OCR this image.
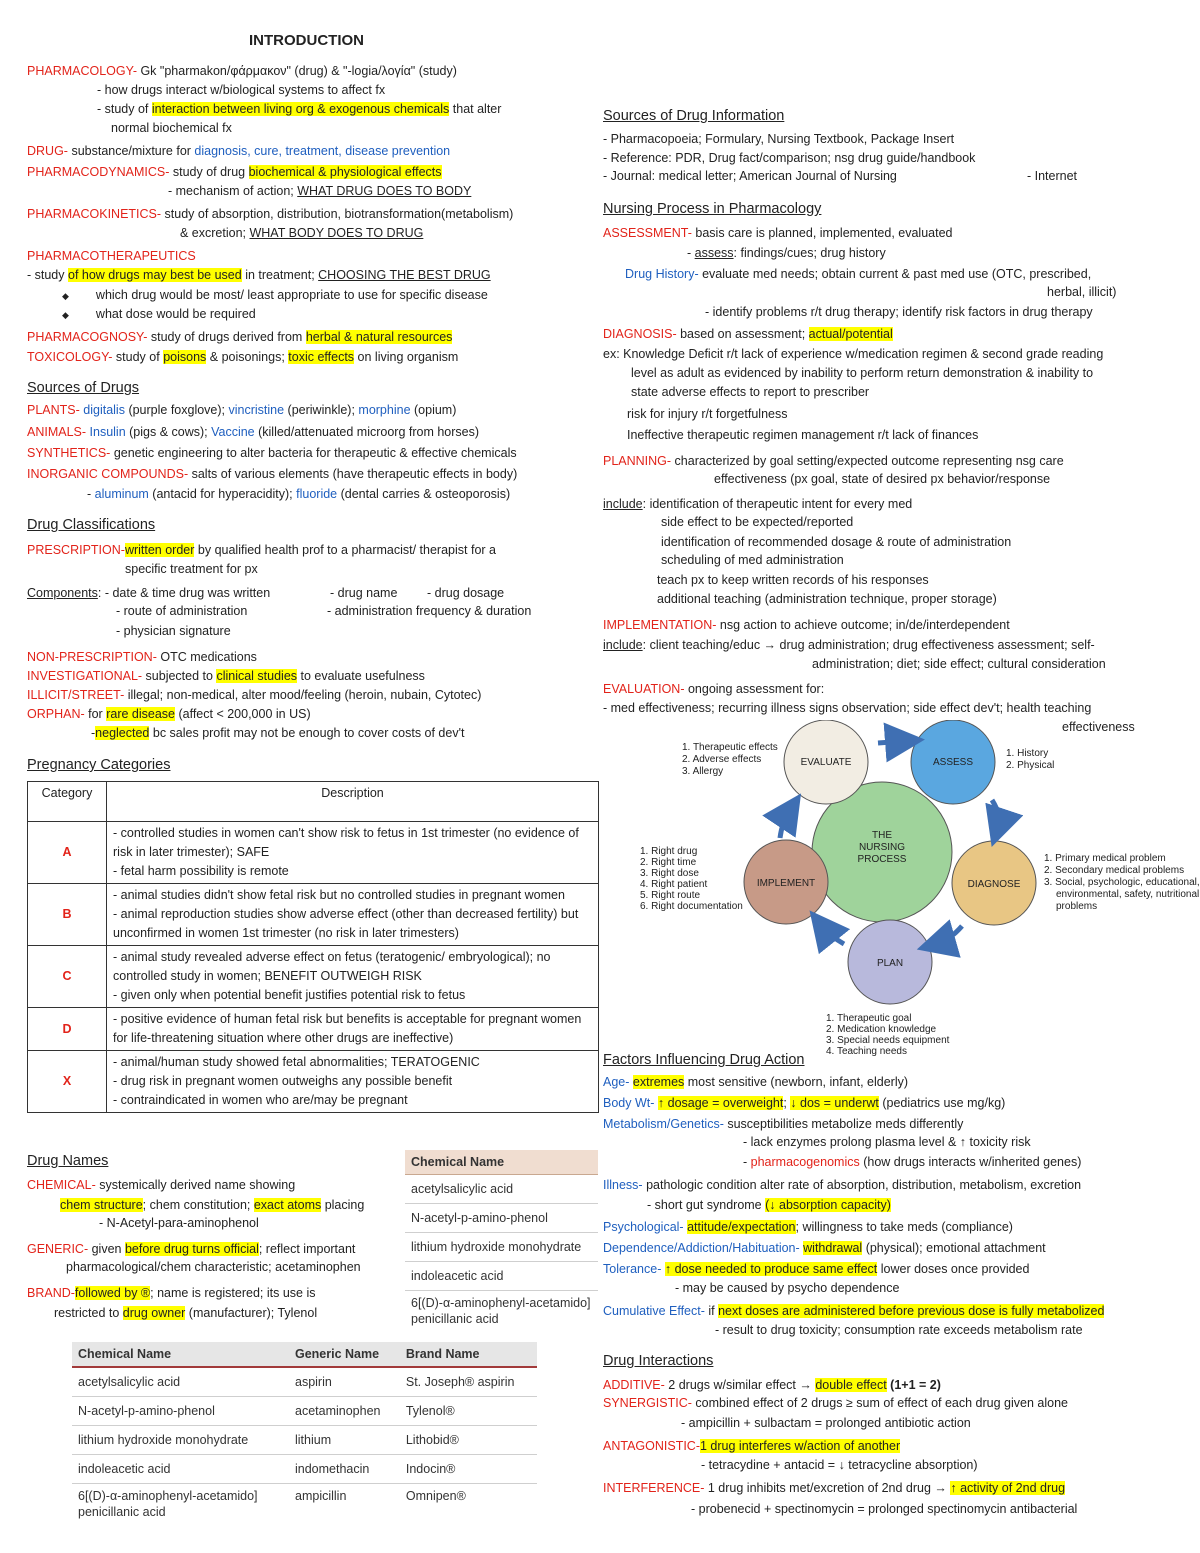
INTRODUCTION
PHARMACOLOGY- Gk "pharmakon/φάρμακον" (drug) & "-logia/λογία" (study)
- how drugs interact w/biological systems to affect fx
- study of interaction between living org & exogenous chemicals that alter
normal biochemical fx
DRUG- substance/mixture for diagnosis, cure, treatment, disease prevention
PHARMACODYNAMICS- study of drug biochemical & physiological effects
- mechanism of action; WHAT DRUG DOES TO BODY
PHARMACOKINETICS- study of absorption, distribution, biotransformation(metabolism)
& excretion; WHAT BODY DOES TO DRUG
PHARMACOTHERAPEUTICS
- study of how drugs may best be used in treatment; CHOOSING THE BEST DRUG
◆ which drug would be most/ least appropriate to use for specific disease
◆ what dose would be required
PHARMACOGNOSY- study of drugs derived from herbal & natural resources
TOXICOLOGY- study of poisons & poisonings; toxic effects on living organism
Sources of Drugs
PLANTS- digitalis (purple foxglove); vincristine (periwinkle); morphine (opium)
ANIMALS- Insulin (pigs & cows); Vaccine (killed/attenuated microorg from horses)
SYNTHETICS- genetic engineering to alter bacteria for therapeutic & effective chemicals
INORGANIC COMPOUNDS- salts of various elements (have therapeutic effects in body)
- aluminum (antacid for hyperacidity); fluoride (dental carries & osteoporosis)
Drug Classifications
PRESCRIPTION-written order by qualified health prof to a pharmacist/ therapist for a
specific treatment for px
Components: - date & time drug was written	- drug name - drug dosage
- route of administration	- administration frequency & duration
- physician signature
NON-PRESCRIPTION- OTC medications
INVESTIGATIONAL- subjected to clinical studies to evaluate usefulness
ILLICIT/STREET- illegal; non-medical, alter mood/feeling (heroin, nubain, Cytotec)
ORPHAN- for rare disease (affect < 200,000 in US)
-neglected bc sales profit may not be enough to cover costs of dev't
Pregnancy Categories
Category	Description
A	- controlled studies in women can't show risk to fetus in 1st trimester (no evidence of risk in later trimester); SAFE
- fetal harm possibility is remote

B	- animal studies didn't show fetal risk but no controlled studies in pregnant women
- animal reproduction studies show adverse effect (other than decreased fertility) but unconfirmed in women 1st trimester (no risk in later trimesters)

C	- animal study revealed adverse effect on fetus (teratogenic/ embryological); no controlled study in women; BENEFIT OUTWEIGH RISK
- given only when potential benefit justifies potential risk to fetus

D	- positive evidence of human fetal risk but benefits is acceptable for pregnant women for life-threatening situation where other drugs are ineffective)

X	- animal/human study showed fetal abnormalities; TERATOGENIC
- drug risk in pregnant women outweighs any possible benefit
- contraindicated in women who are/may be pregnant
Drug Names
CHEMICAL- systemically derived name showing
chem structure; chem constitution; exact atoms placing
- N-Acetyl-para-aminophenol
GENERIC- given before drug turns official; reflect important
pharmacological/chem characteristic; acetaminophen
BRAND-followed by ®; name is registered; its use is
restricted to drug owner (manufacturer); Tylenol
Chemical Name
acetylsalicylic acid
N-acetyl-p-amino-phenol
lithium hydroxide monohydrate
indoleacetic acid
6[(D)-α-aminophenyl-acetamido] penicillanic acid
Chemical Name	Generic Name	Brand Name
acetylsalicylic acid	aspirin	St. Joseph® aspirin
N-acetyl-p-amino-phenol	acetaminophen	Tylenol®
lithium hydroxide monohydrate	lithium	Lithobid®
indoleacetic acid	indomethacin	Indocin®
6[(D)-α-aminophenyl-acetamido] penicillanic acid	ampicillin	Omnipen®
Sources of Drug Information
- Pharmacopoeia; Formulary, Nursing Textbook, Package Insert
- Reference: PDR, Drug fact/comparison; nsg drug guide/handbook
- Journal: medical letter; American Journal of Nursing	- Internet
Nursing Process in Pharmacology
ASSESSMENT- basis care is planned, implemented, evaluated
- assess: findings/cues; drug history
Drug History- evaluate med needs; obtain current & past med use (OTC, prescribed,
herbal, illicit)
- identify problems r/t drug therapy; identify risk factors in drug therapy
DIAGNOSIS- based on assessment; actual/potential
ex: Knowledge Deficit r/t lack of experience w/medication regimen & second grade reading
level as adult as evidenced by inability to perform return demonstration & inability to
state adverse effects to report to prescriber
risk for injury r/t forgetfulness
Ineffective therapeutic regimen management r/t lack of finances
PLANNING- characterized by goal setting/expected outcome representing nsg care
effectiveness (px goal, state of desired px behavior/response
include: identification of therapeutic intent for every med
side effect to be expected/reported
identification of recommended dosage & route of administration
scheduling of med administration
teach px to keep written records of his responses
additional teaching (administration technique, proper storage)
IMPLEMENTATION- nsg action to achieve outcome; in/de/interdependent
include: client teaching/educ → drug administration; drug effectiveness assessment; self-
administration; diet; side effect; cultural consideration
EVALUATION- ongoing assessment for:
- med effectiveness; recurring illness signs observation; side effect dev't; health teaching
effectiveness
THE
NURSING
PROCESS
EVALUATE	ASSESS
DIAGNOSE
PLAN
IMPLEMENT
1. Therapeutic effects
2. Adverse effects
3. Allergy
1. History
2. Physical
1. Primary medical problem
2. Secondary medical problems
3. Social, psychologic, educational,
environmental, safety, nutritional
problems
1. Right drug
2. Right time
3. Right dose
4. Right patient
5. Right route
6. Right documentation
1. Therapeutic goal
2. Medication knowledge
3. Special needs equipment
4. Teaching needs
Factors Influencing Drug Action
Age- extremes most sensitive (newborn, infant, elderly)
Body Wt- ↑ dosage = overweight; ↓ dos = underwt (pediatrics use mg/kg)
Metabolism/Genetics- susceptibilities metabolize meds differently
- lack enzymes prolong plasma level & ↑ toxicity risk
- pharmacogenomics (how drugs interacts w/inherited genes)
Illness- pathologic condition alter rate of absorption, distribution, metabolism, excretion
- short gut syndrome (↓ absorption capacity)
Psychological- attitude/expectation; willingness to take meds (compliance)
Dependence/Addiction/Habituation- withdrawal (physical); emotional attachment
Tolerance- ↑ dose needed to produce same effect lower doses once provided
- may be caused by psycho dependence
Cumulative Effect- if next doses are administered before previous dose is fully metabolized
- result to drug toxicity; consumption rate exceeds metabolism rate
Drug Interactions
ADDITIVE- 2 drugs w/similar effect → double effect (1+1 = 2)
SYNERGISTIC- combined effect of 2 drugs ≥ sum of effect of each drug given alone
- ampicillin + sulbactam = prolonged antibiotic action
ANTAGONISTIC-1 drug interferes w/action of another
- tetracydine + antacid = ↓ tetracycline absorption)
INTERFERENCE- 1 drug inhibits met/excretion of 2nd drug → ↑ activity of 2nd drug
- probenecid + spectinomycin = prolonged spectinomycin antibacterial
